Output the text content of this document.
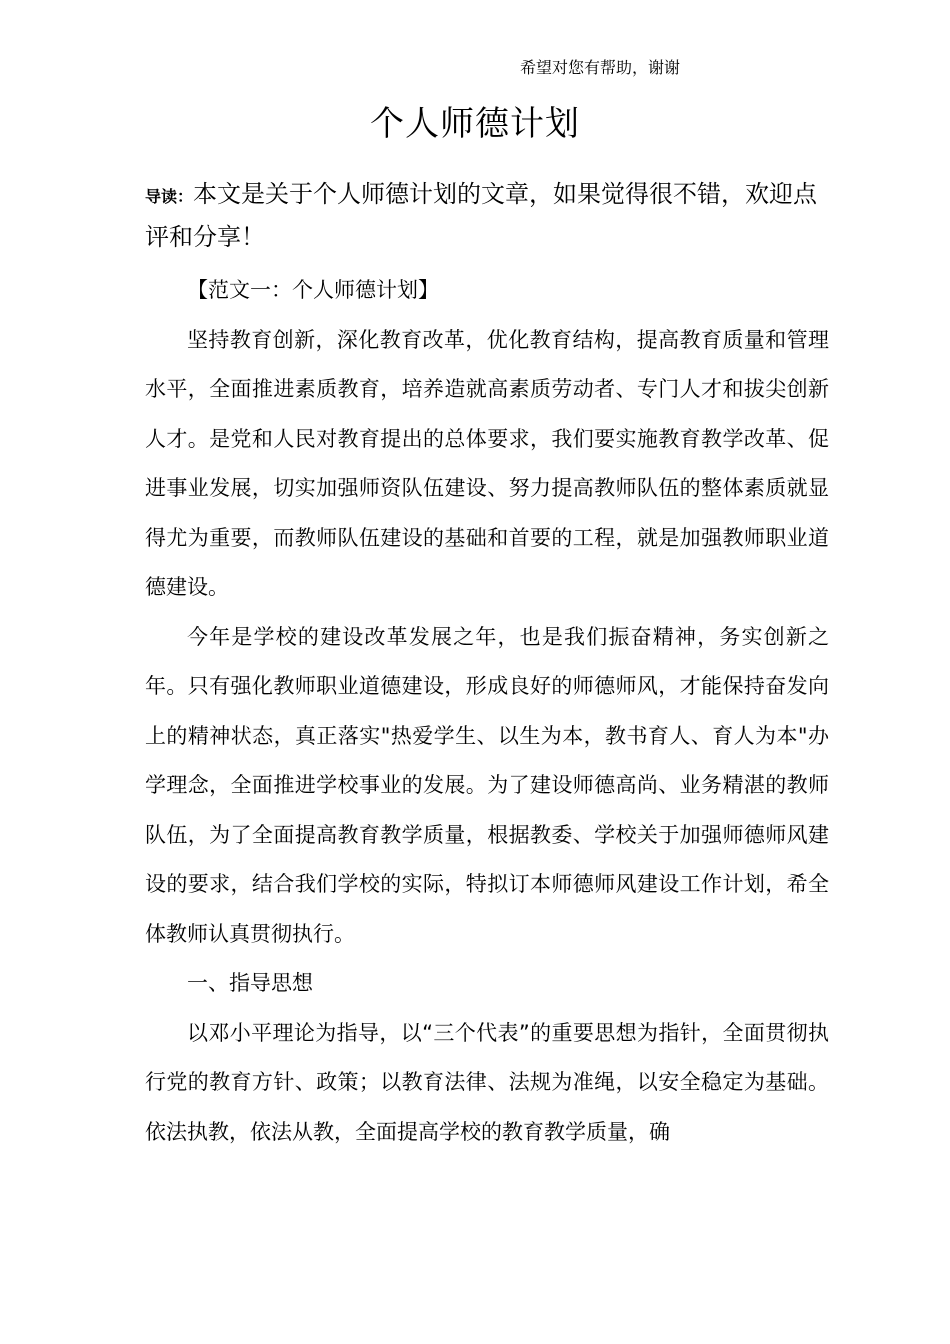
希望对您有帮助，谢谢
个人师德计划
导读：本文是关于个人师德计划的文章，如果觉得很不错，欢迎点评和分享！

【范文一：个人师德计划】

坚持教育创新，深化教育改革，优化教育结构，提高教育质量和管理水平，全面推进素质教育，培养造就高素质劳动者、专门人才和拔尖创新人才。是党和人民对教育提出的总体要求，我们要实施教育教学改革、促进事业发展，切实加强师资队伍建设、努力提高教师队伍的整体素质就显得尤为重要，而教师队伍建设的基础和首要的工程，就是加强教师职业道德建设。

今年是学校的建设改革发展之年，也是我们振奋精神，务实创新之年。只有强化教师职业道德建设，形成良好的师德师风，才能保持奋发向上的精神状态，真正落实"热爱学生、以生为本，教书育人、育人为本"办学理念，全面推进学校事业的发展。为了建设师德高尚、业务精湛的教师队伍，为了全面提高教育教学质量，根据教委、学校关于加强师德师风建设的要求，结合我们学校的实际，特拟订本师德师风建设工作计划，希全体教师认真贯彻执行。

一、指导思想

以邓小平理论为指导，以“三个代表”的重要思想为指针，全面贯彻执行党的教育方针、政策；以教育法律、法规为准绳，以安全稳定为基础。依法执教，依法从教，全面提高学校的教育教学质量，确
